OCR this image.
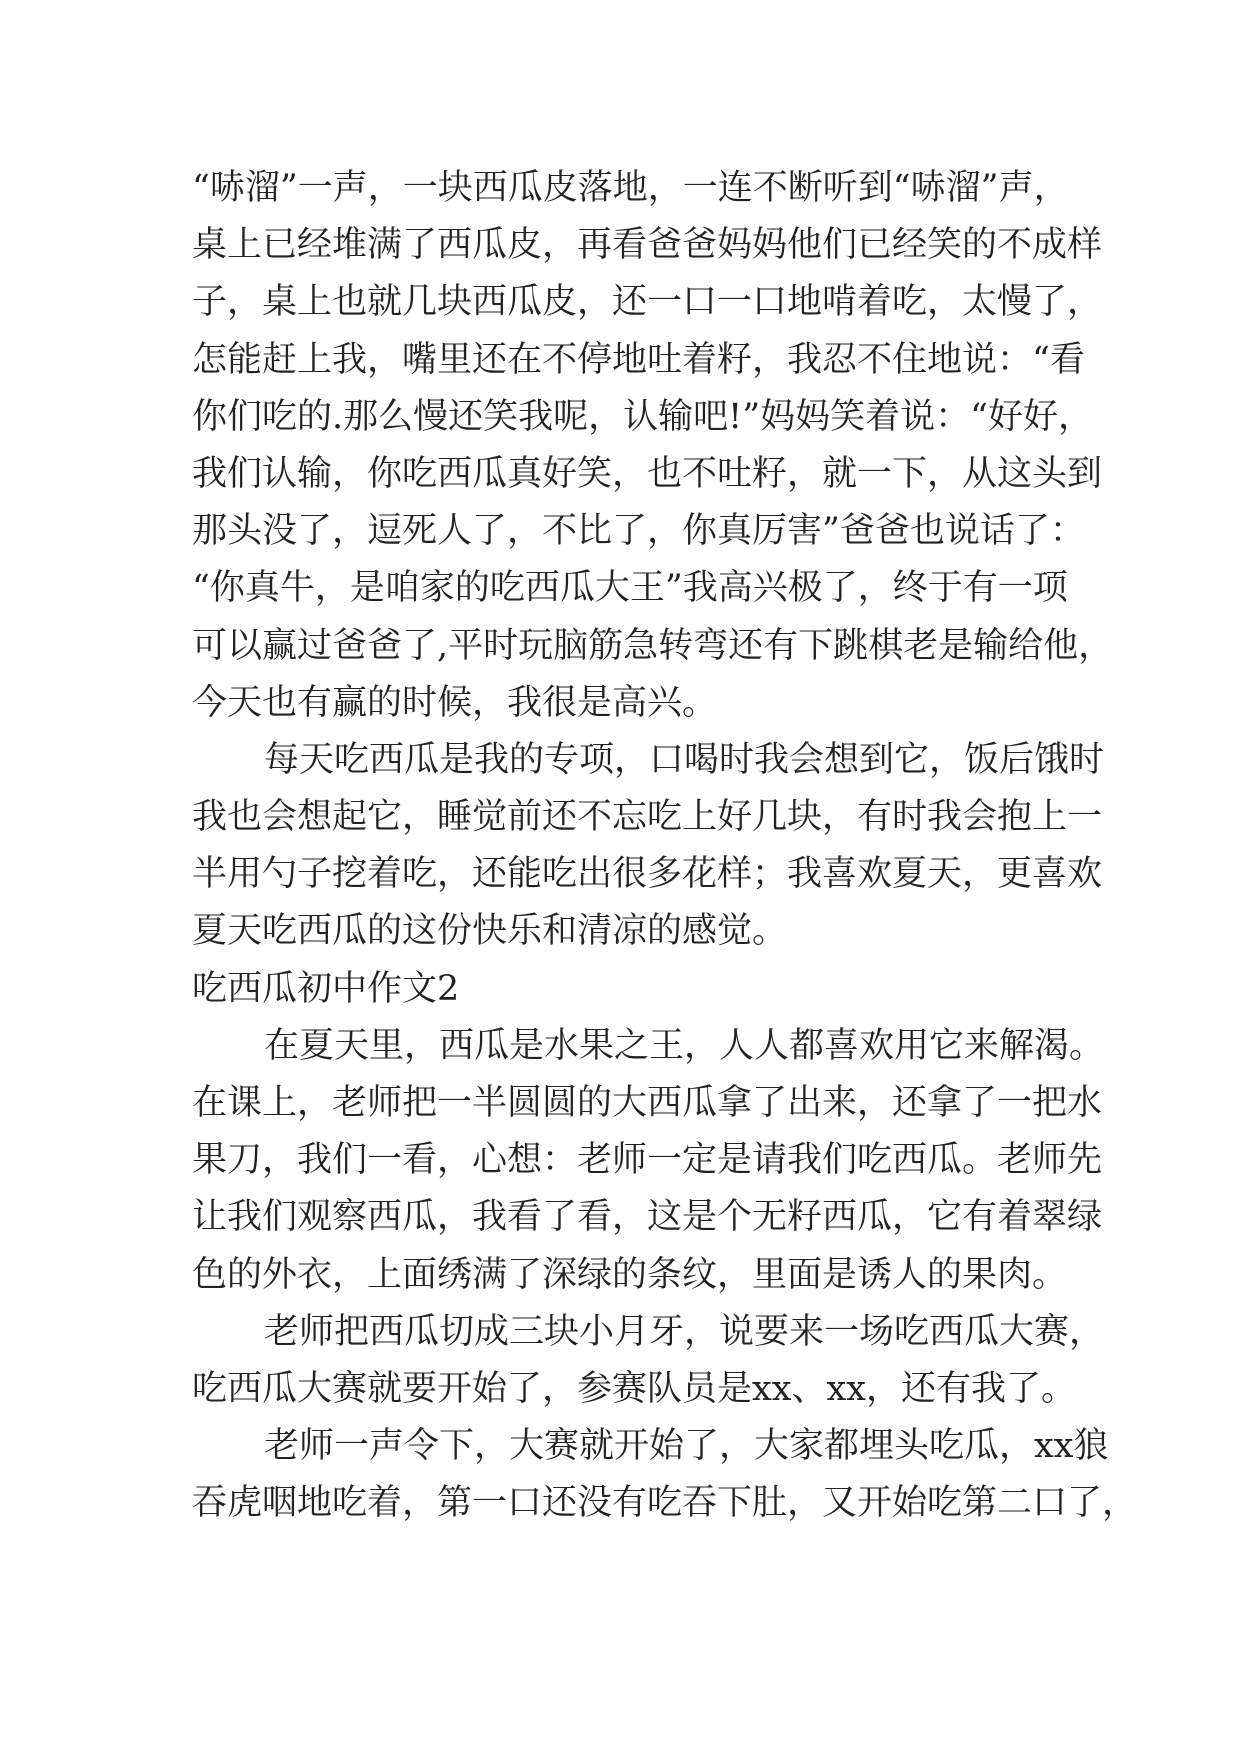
“哧溜”一声，一块西瓜皮落地，一连不断听到“哧溜”声，
桌上已经堆满了西瓜皮，再看爸爸妈妈他们已经笑的不成样
子，桌上也就几块西瓜皮，还一口一口地啃着吃，太慢了，
怎能赶上我，嘴里还在不停地吐着籽，我忍不住地说：“看
你们吃的.那么慢还笑我呢，认输吧!”妈妈笑着说：“好好，
我们认输，你吃西瓜真好笑，也不吐籽，就一下，从这头到
那头没了，逗死人了，不比了，你真厉害”爸爸也说话了：
“你真牛，是咱家的吃西瓜大王”我高兴极了，终于有一项
可以赢过爸爸了,平时玩脑筋急转弯还有下跳棋老是输给他，
今天也有赢的时候，我很是高兴。
每天吃西瓜是我的专项，口喝时我会想到它，饭后饿时
我也会想起它，睡觉前还不忘吃上好几块，有时我会抱上一
半用勺子挖着吃，还能吃出很多花样；我喜欢夏天，更喜欢
夏天吃西瓜的这份快乐和清凉的感觉。
吃西瓜初中作文2
在夏天里，西瓜是水果之王，人人都喜欢用它来解渴。
在课上，老师把一半圆圆的大西瓜拿了出来，还拿了一把水
果刀，我们一看，心想：老师一定是请我们吃西瓜。老师先
让我们观察西瓜，我看了看，这是个无籽西瓜，它有着翠绿
色的外衣，上面绣满了深绿的条纹，里面是诱人的果肉。
老师把西瓜切成三块小月牙，说要来一场吃西瓜大赛，
吃西瓜大赛就要开始了，参赛队员是xx、xx，还有我了。
老师一声令下，大赛就开始了，大家都埋头吃瓜，xx狼
吞虎咽地吃着，第一口还没有吃吞下肚，又开始吃第二口了，
